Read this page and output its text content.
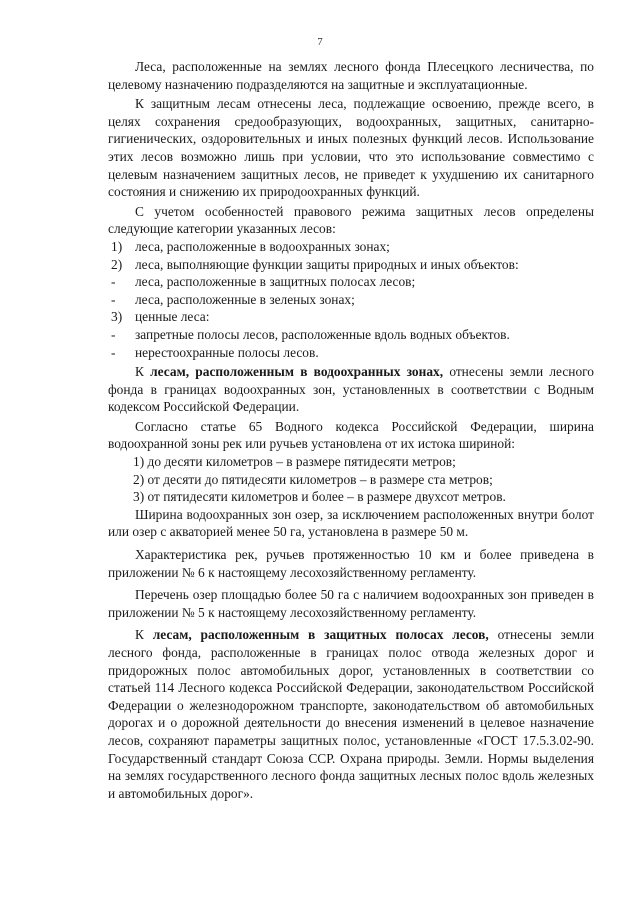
7

Леса, расположенные на землях лесного фонда Плесецкого лесничества, по целевому назначению подразделяются на защитные и эксплуатационные.

К защитным лесам отнесены леса, подлежащие освоению, прежде всего, в целях сохранения средообразующих, водоохранных, защитных, санитарно-гигиенических, оздоровительных и иных полезных функций лесов. Использование этих лесов возможно лишь при условии, что это использование совместимо с целевым назначением защитных лесов, не приведет к ухудшению их санитарного состояния и снижению их природоохранных функций.

С учетом особенностей правового режима защитных лесов определены следующие категории указанных лесов:

1) леса, расположенные в водоохранных зонах;
2) леса, выполняющие функции защиты природных и иных объектов:
-	леса, расположенные в защитных полосах лесов;
-	леса, расположенные в зеленых зонах;
3) ценные леса:
-	запретные полосы лесов, расположенные вдоль водных объектов.
-	нерестоохранные полосы лесов.

К лесам, расположенным в водоохранных зонах, отнесены земли лесного фонда в границах водоохранных зон, установленных в соответствии с Водным кодексом Российской Федерации.

Согласно статье 65 Водного кодекса Российской Федерации, ширина водоохранной зоны рек или ручьев установлена от их истока шириной:

1) до десяти километров – в размере пятидесяти метров;

2) от десяти до пятидесяти километров – в размере ста метров;

3) от пятидесяти километров и более – в размере двухсот метров.

Ширина водоохранных зон озер, за исключением расположенных внутри болот или озер с акваторией менее 50 га, установлена в размере 50 м.

Характеристика рек, ручьев протяженностью 10 км и более приведена в приложении № 6 к настоящему лесохозяйственному регламенту.

Перечень озер площадью более 50 га с наличием водоохранных зон приведен в приложении № 5 к настоящему лесохозяйственному регламенту.

К лесам, расположенным в защитных полосах лесов, отнесены земли лесного фонда, расположенные в границах полос отвода железных дорог и придорожных полос автомобильных дорог, установленных в соответствии со статьей 114 Лесного кодекса Российской Федерации, законодательством Российской Федерации о железнодорожном транспорте, законодательством об автомобильных дорогах и о дорожной деятельности до внесения изменений в целевое назначение лесов, сохраняют параметры защитных полос, установленные «ГОСТ 17.5.3.02-90. Государственный стандарт Союза ССР. Охрана природы. Земли. Нормы выделения на землях государственного лесного фонда защитных лесных полос вдоль железных и автомобильных дорог».
